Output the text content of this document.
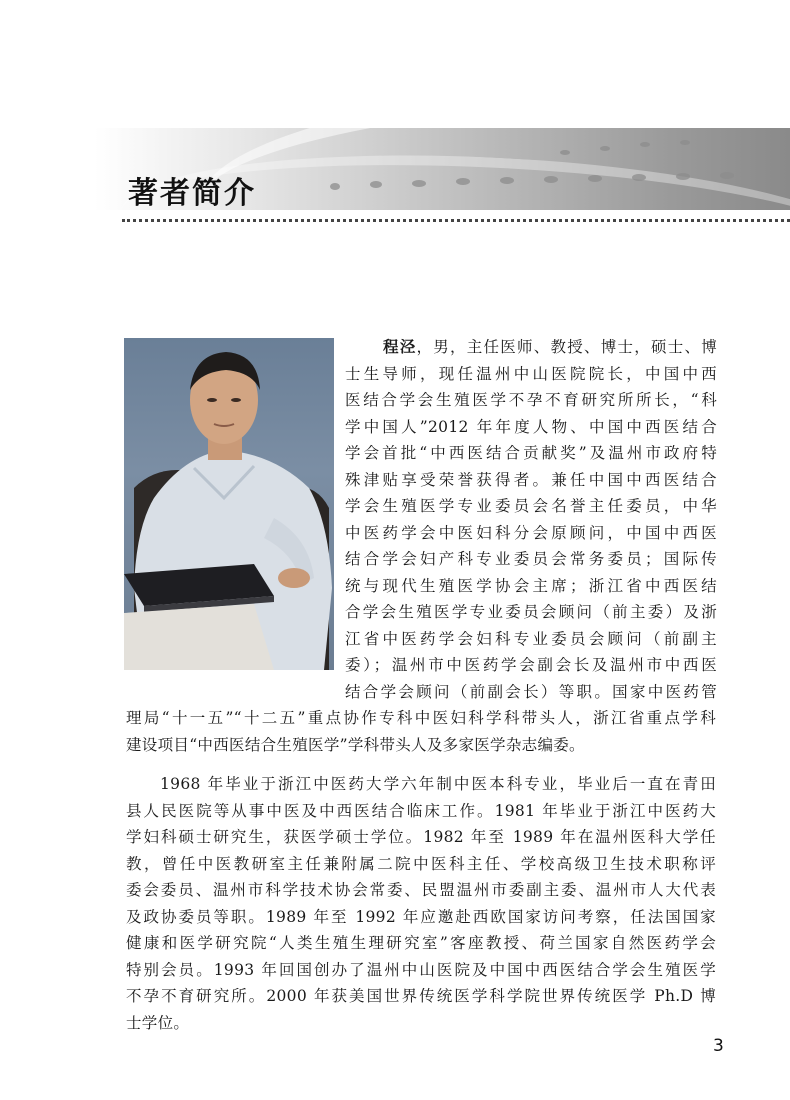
著者简介
程泾，男，主任医师、教授、博士，硕士、博
士生导师，现任温州中山医院院长，中国中西
医结合学会生殖医学不孕不育研究所所长，“科
学中国人”2012 年年度人物、中国中西医结合
学会首批“中西医结合贡献奖”及温州市政府特
殊津贴享受荣誉获得者。兼任中国中西医结合
学会生殖医学专业委员会名誉主任委员，中华
中医药学会中医妇科分会原顾问，中国中西医
结合学会妇产科专业委员会常务委员；国际传
统与现代生殖医学协会主席；浙江省中西医结
合学会生殖医学专业委员会顾问（前主委）及浙
江省中医药学会妇科专业委员会顾问（前副主
委）；温州市中医药学会副会长及温州市中西医
结合学会顾问（前副会长）等职。国家中医药管
理局“十一五”“十二五”重点协作专科中医妇科学科带头人，浙江省重点学科
建设项目“中西医结合生殖医学”学科带头人及多家医学杂志编委。
1968 年毕业于浙江中医药大学六年制中医本科专业，毕业后一直在青田
县人民医院等从事中医及中西医结合临床工作。1981 年毕业于浙江中医药大
学妇科硕士研究生，获医学硕士学位。1982 年至 1989 年在温州医科大学任
教，曾任中医教研室主任兼附属二院中医科主任、学校高级卫生技术职称评
委会委员、温州市科学技术协会常委、民盟温州市委副主委、温州市人大代表
及政协委员等职。1989 年至 1992 年应邀赴西欧国家访问考察，任法国国家
健康和医学研究院“人类生殖生理研究室”客座教授、荷兰国家自然医药学会
特别会员。1993 年回国创办了温州中山医院及中国中西医结合学会生殖医学
不孕不育研究所。2000 年获美国世界传统医学科学院世界传统医学 Ph.D 博
士学位。
3
